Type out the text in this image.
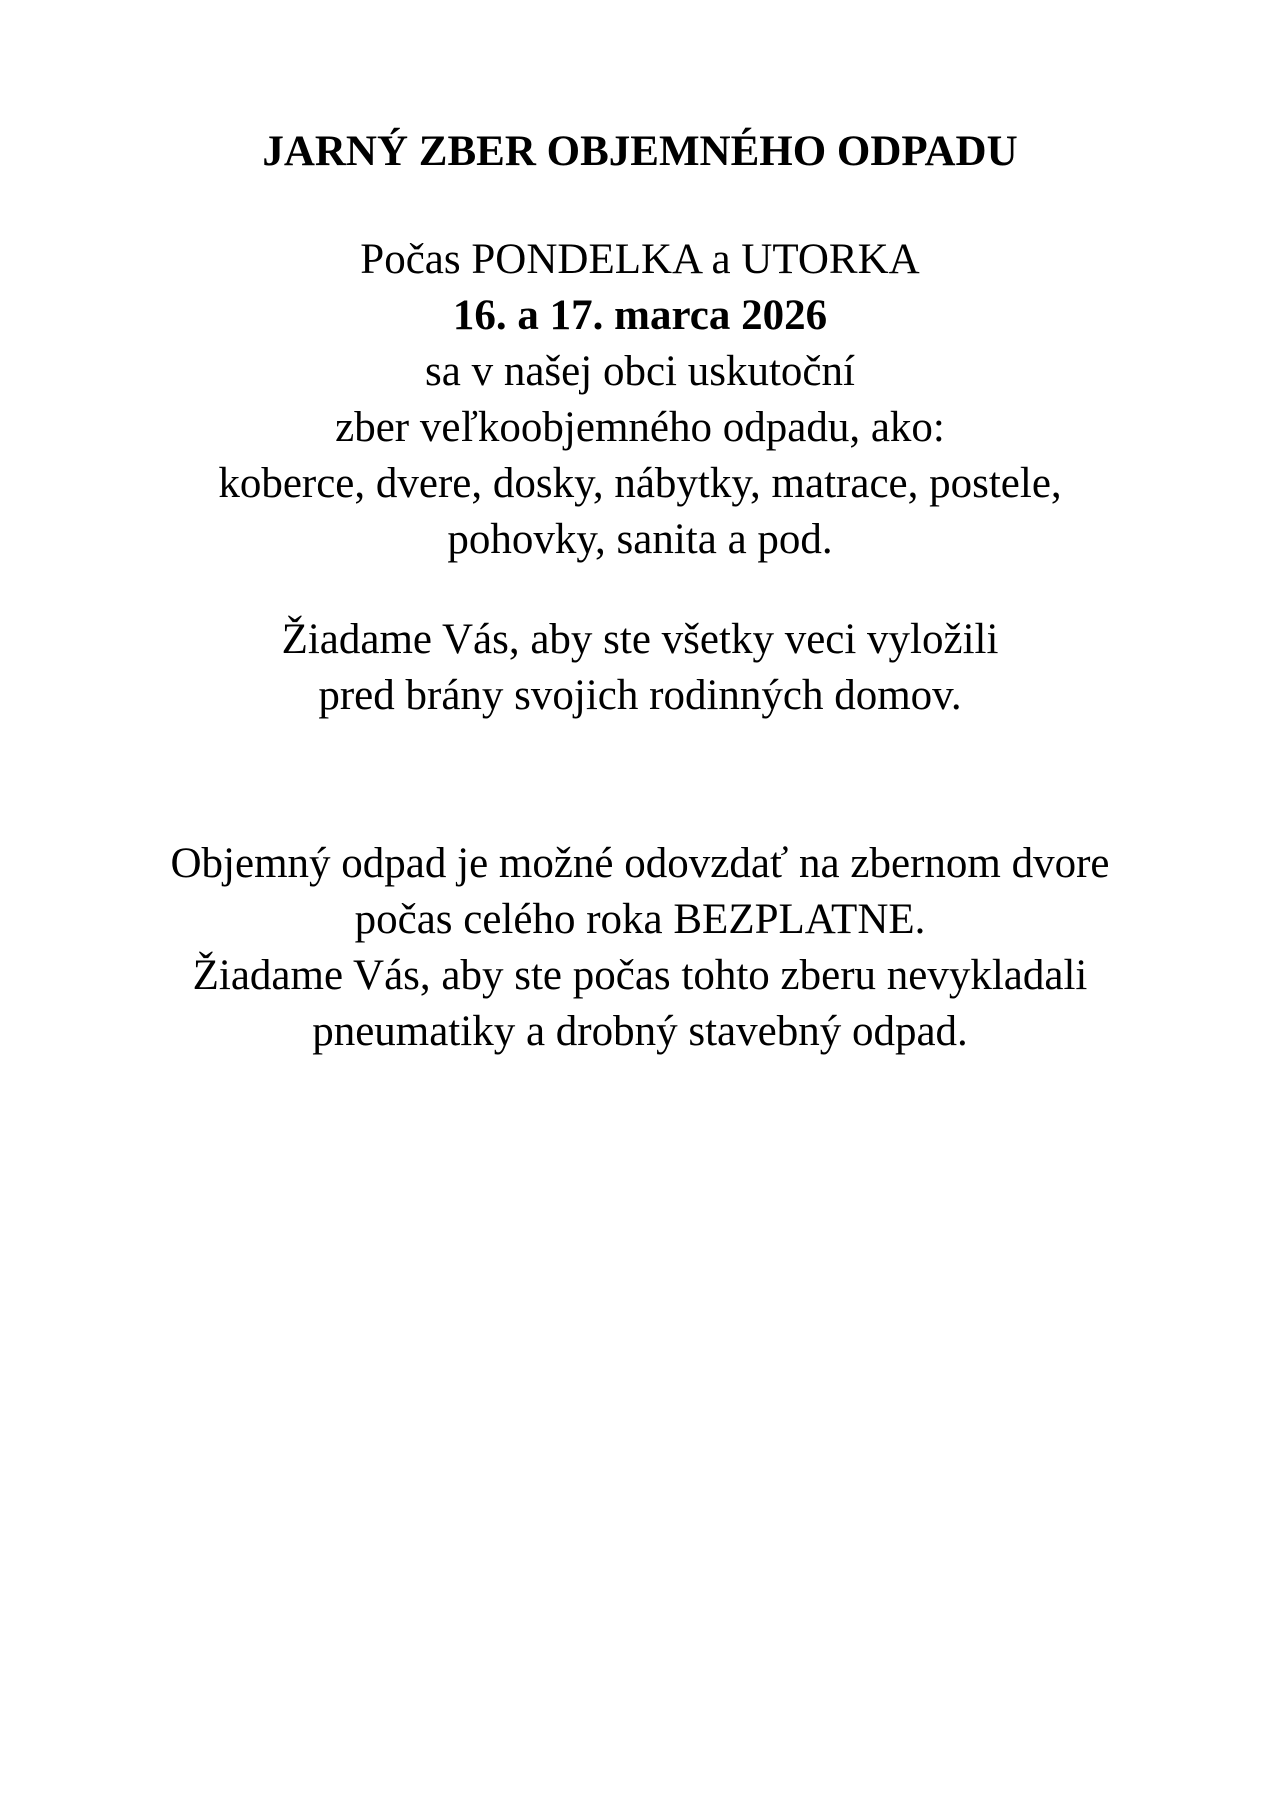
JARNÝ ZBER OBJEMNÉHO ODPADU
Počas PONDELKA a UTORKA
16. a 17. marca 2026
sa v našej obci uskutoční
zber veľkoobjemného odpadu, ako:
koberce, dvere, dosky, nábytky, matrace, postele,
pohovky, sanita a pod.
Žiadame Vás, aby ste všetky veci vyložili
pred brány svojich rodinných domov.
Objemný odpad je možné odovzdať na zbernom dvore
počas celého roka BEZPLATNE.
Žiadame Vás, aby ste počas tohto zberu nevykladali
pneumatiky a drobný stavebný odpad.
